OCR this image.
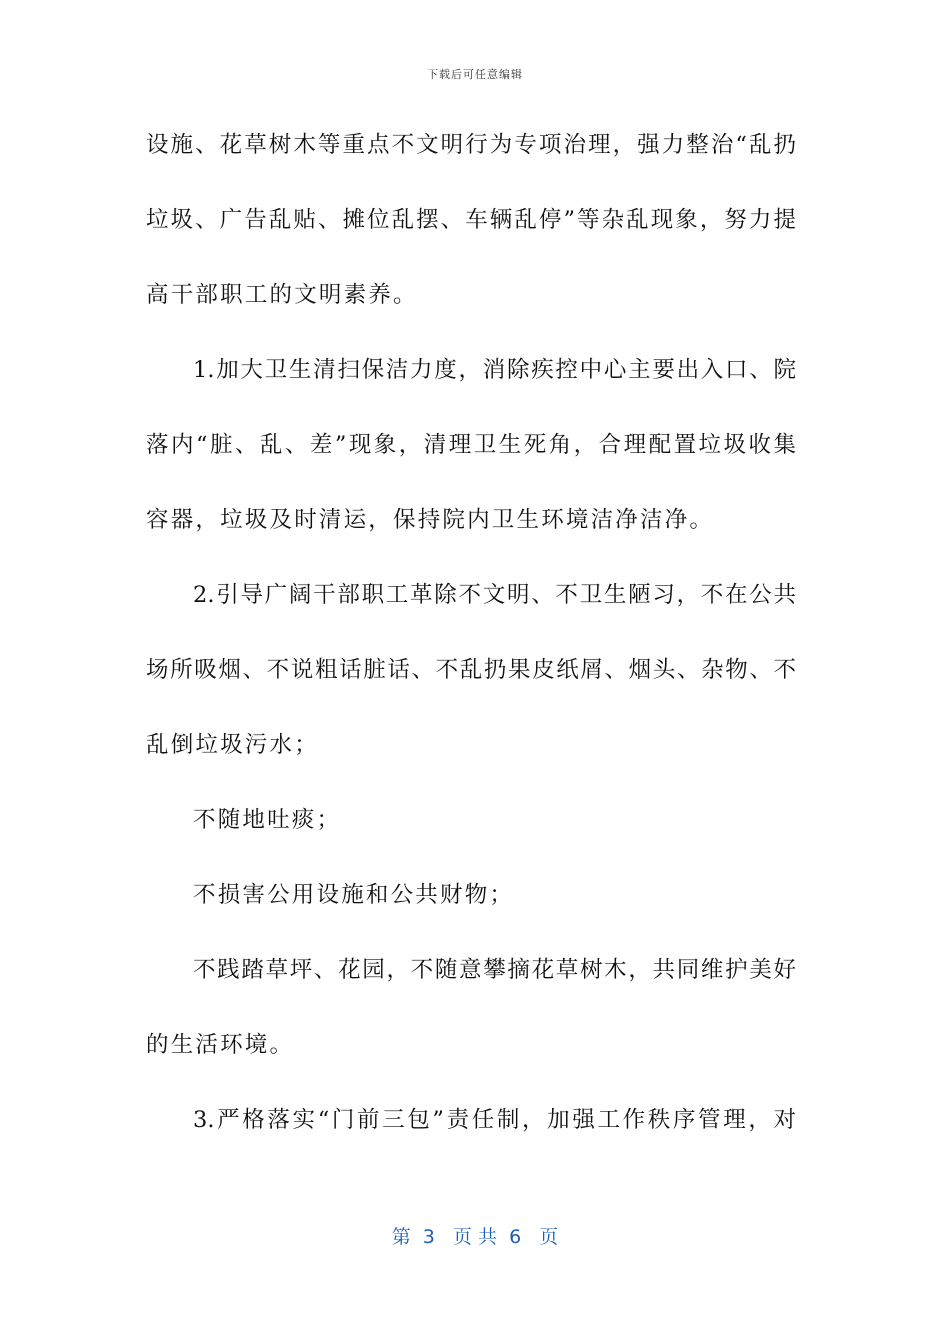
下载后可任意编辑
设施、花草树木等重点不文明行为专项治理，强力整治“乱扔
垃圾、广告乱贴、摊位乱摆、车辆乱停”等杂乱现象，努力提
高干部职工的文明素养。
1.加大卫生清扫保洁力度，消除疾控中心主要出入口、院
落内“脏、乱、差”现象，清理卫生死角，合理配置垃圾收集
容器，垃圾及时清运，保持院内卫生环境洁净洁净。
2.引导广阔干部职工革除不文明、不卫生陋习，不在公共
场所吸烟、不说粗话脏话、不乱扔果皮纸屑、烟头、杂物、不
乱倒垃圾污水；
不随地吐痰；
不损害公用设施和公共财物；
不践踏草坪、花园，不随意攀摘花草树木，共同维护美好
的生活环境。
3.严格落实“门前三包”责任制，加强工作秩序管理，对
第  3   页 共  6   页
